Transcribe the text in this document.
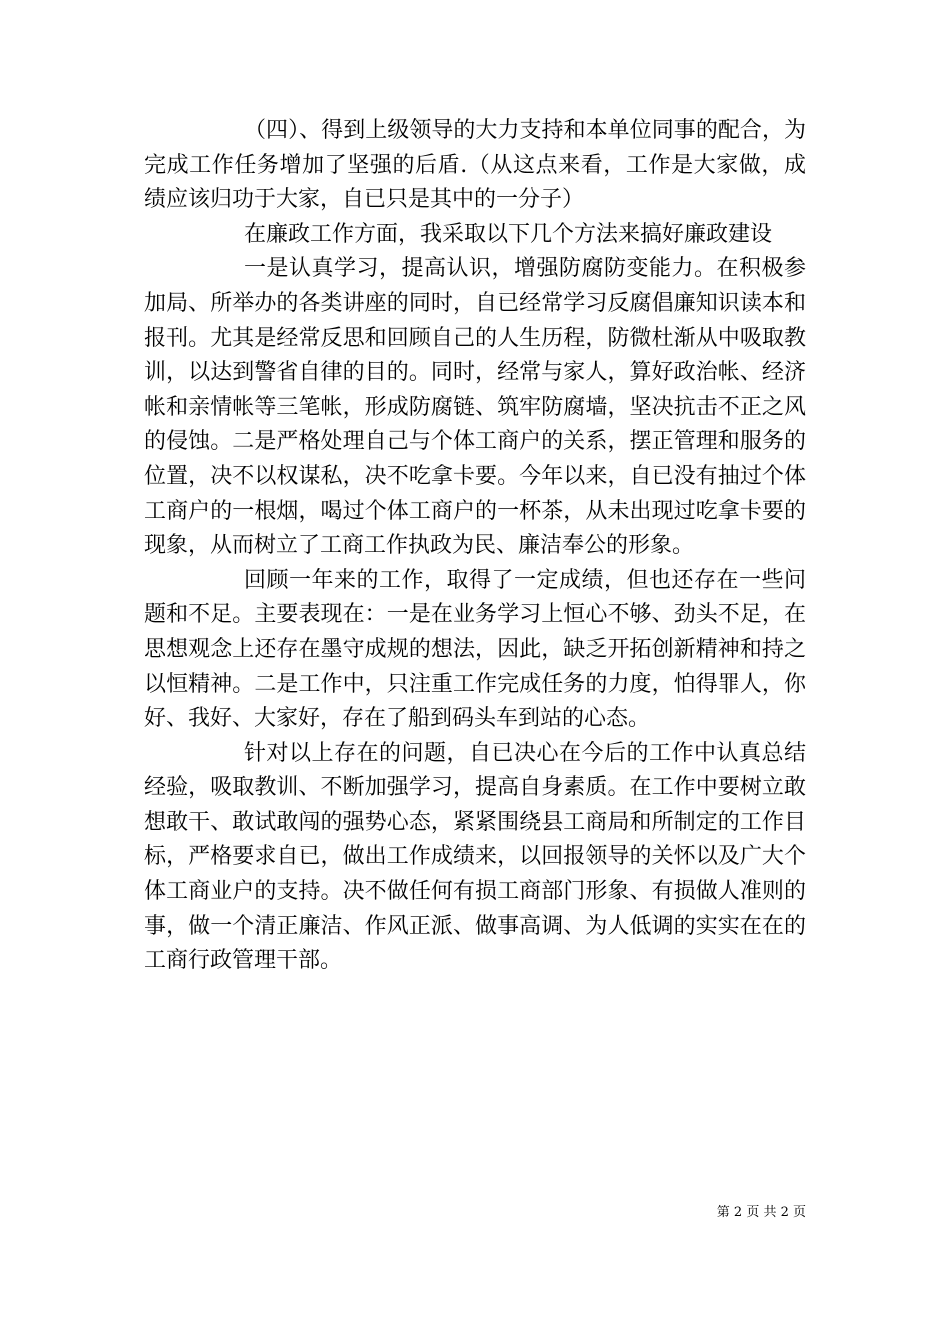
（四）、得到上级领导的大力支持和本单位同事的配合，为完成工作任务增加了坚强的后盾.（从这点来看，工作是大家做，成绩应该归功于大家，自已只是其中的一分子）

在廉政工作方面，我采取以下几个方法来搞好廉政建设

一是认真学习，提高认识，增强防腐防变能力。在积极参加局、所举办的各类讲座的同时，自已经常学习反腐倡廉知识读本和报刊。尤其是经常反思和回顾自己的人生历程，防微杜渐从中吸取教训，以达到警省自律的目的。同时，经常与家人，算好政治帐、经济帐和亲情帐等三笔帐，形成防腐链、筑牢防腐墙，坚决抗击不正之风的侵蚀。二是严格处理自己与个体工商户的关系，摆正管理和服务的位置，决不以权谋私，决不吃拿卡要。今年以来，自已没有抽过个体工商户的一根烟，喝过个体工商户的一杯茶，从未出现过吃拿卡要的现象，从而树立了工商工作执政为民、廉洁奉公的形象。

回顾一年来的工作，取得了一定成绩，但也还存在一些问题和不足。主要表现在：一是在业务学习上恒心不够、劲头不足，在思想观念上还存在墨守成规的想法，因此，缺乏开拓创新精神和持之以恒精神。二是工作中，只注重工作完成任务的力度，怕得罪人，你好、我好、大家好，存在了船到码头车到站的心态。

针对以上存在的问题，自已决心在今后的工作中认真总结经验，吸取教训、不断加强学习，提高自身素质。在工作中要树立敢想敢干、敢试敢闯的强势心态，紧紧围绕县工商局和所制定的工作目标，严格要求自已，做出工作成绩来，以回报领导的关怀以及广大个体工商业户的支持。决不做任何有损工商部门形象、有损做人准则的事，做一个清正廉洁、作风正派、做事高调、为人低调的实实在在的工商行政管理干部。

第 2 页 共 2 页
